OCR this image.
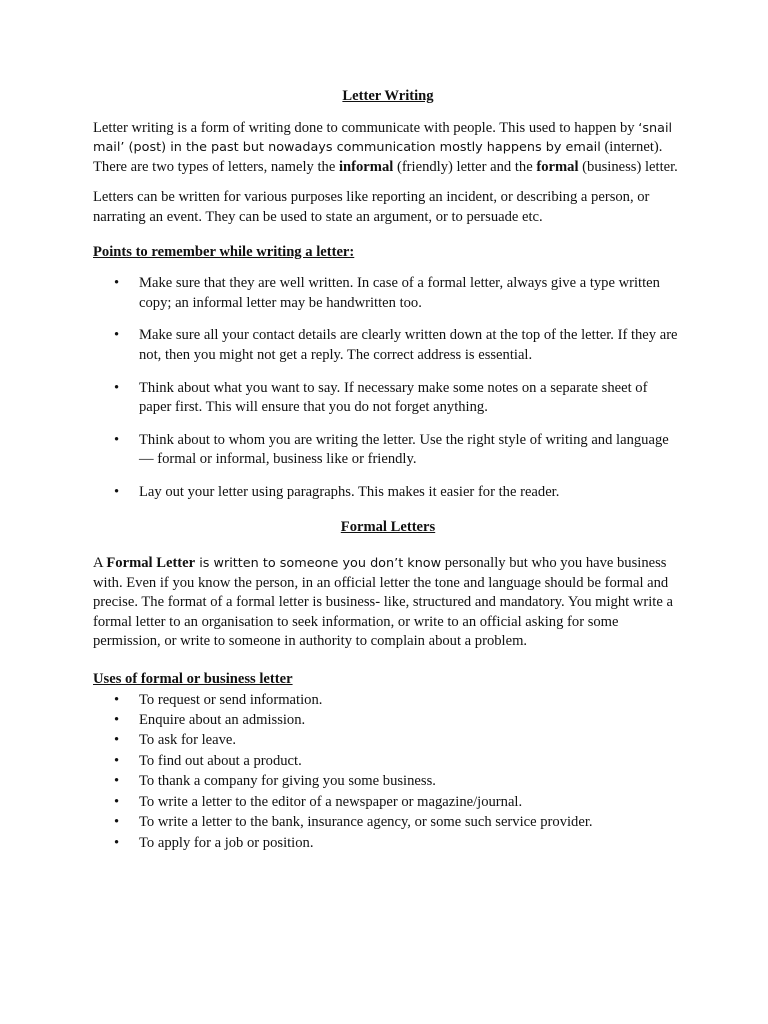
Letter Writing

Letter writing is a form of writing done to communicate with people. This used to happen by ‘snail mail’ (post) in the past but nowadays communication mostly happens by email (internet). There are two types of letters, namely the informal (friendly) letter and the formal (business) letter.

Letters can be written for various purposes like reporting an incident, or describing a person, or narrating an event. They can be used to state an argument, or to persuade etc.

Points to remember while writing a letter:

• Make sure that they are well written. In case of a formal letter, always give a type written copy; an informal letter may be handwritten too.
• Make sure all your contact details are clearly written down at the top of the letter. If they are not, then you might not get a reply. The correct address is essential.
• Think about what you want to say. If necessary make some notes on a separate sheet of paper first. This will ensure that you do not forget anything.
• Think about to whom you are writing the letter. Use the right style of writing and language — formal or informal, business like or friendly.
• Lay out your letter using paragraphs. This makes it easier for the reader.

Formal Letters

A Formal Letter is written to someone you don’t know personally but who you have business with. Even if you know the person, in an official letter the tone and language should be formal and precise. The format of a formal letter is business- like, structured and mandatory. You might write a formal letter to an organisation to seek information, or write to an official asking for some permission, or write to someone in authority to complain about a problem.

Uses of formal or business letter

• To request or send information.
• Enquire about an admission.
• To ask for leave.
• To find out about a product.
• To thank a company for giving you some business.
• To write a letter to the editor of a newspaper or magazine/journal.
• To write a letter to the bank, insurance agency, or some such service provider.
• To apply for a job or position.
